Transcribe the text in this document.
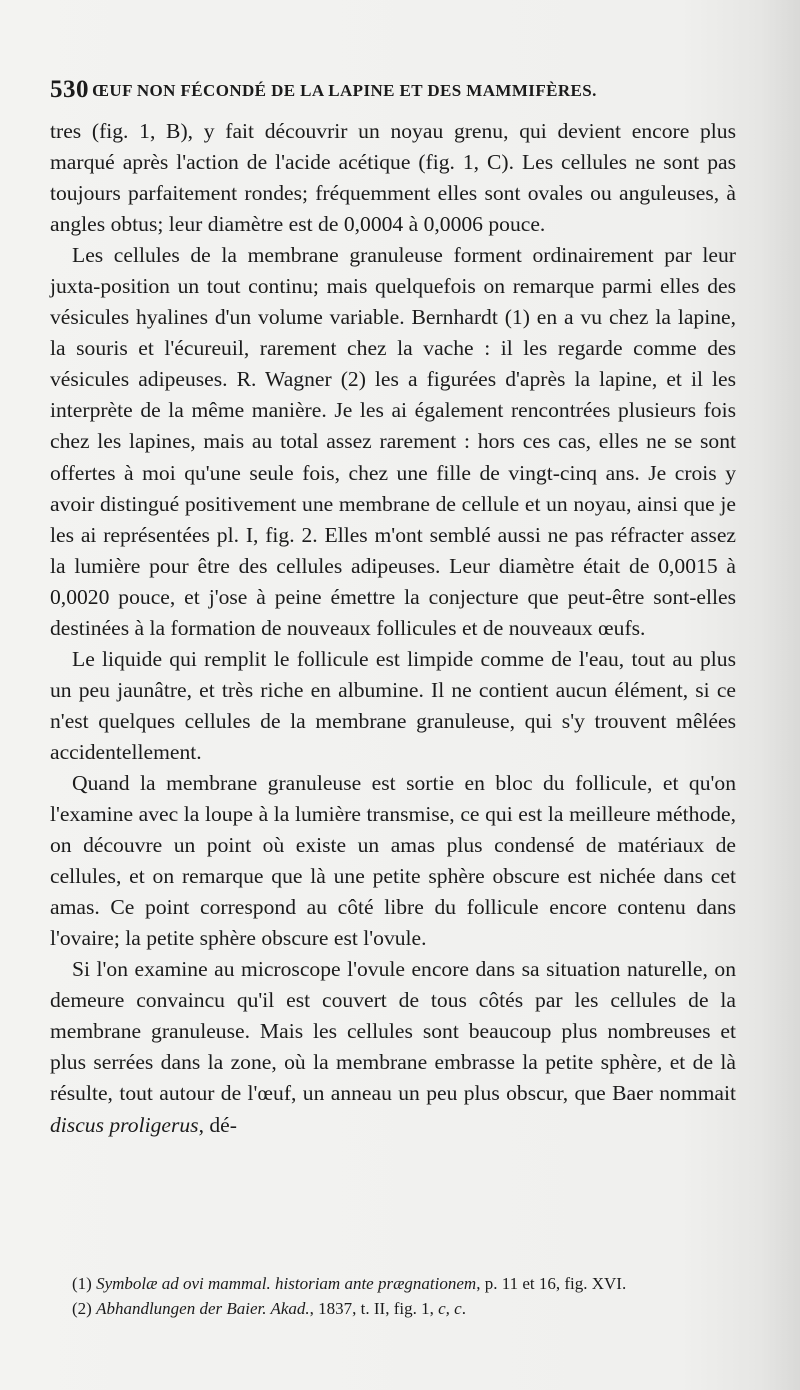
530 ŒUF NON FÉCONDÉ DE LA LAPINE ET DES MAMMIFÈRES.

tres (fig. 1, B), y fait découvrir un noyau grenu, qui devient encore plus marqué après l'action de l'acide acétique (fig. 1, C). Les cellules ne sont pas toujours parfaitement rondes; fréquemment elles sont ovales ou anguleuses, à angles obtus; leur diamètre est de 0,0004 à 0,0006 pouce.

Les cellules de la membrane granuleuse forment ordinairement par leur juxta-position un tout continu; mais quelquefois on remarque parmi elles des vésicules hyalines d'un volume variable. Bernhardt (1) en a vu chez la lapine, la souris et l'écureuil, rarement chez la vache : il les regarde comme des vésicules adipeuses. R. Wagner (2) les a figurées d'après la lapine, et il les interprète de la même manière. Je les ai également rencontrées plusieurs fois chez les lapines, mais au total assez rarement : hors ces cas, elles ne se sont offertes à moi qu'une seule fois, chez une fille de vingt-cinq ans. Je crois y avoir distingué positivement une membrane de cellule et un noyau, ainsi que je les ai représentées pl. I, fig. 2. Elles m'ont semblé aussi ne pas réfracter assez la lumière pour être des cellules adipeuses. Leur diamètre était de 0,0015 à 0,0020 pouce, et j'ose à peine émettre la conjecture que peut-être sont-elles destinées à la formation de nouveaux follicules et de nouveaux œufs.

Le liquide qui remplit le follicule est limpide comme de l'eau, tout au plus un peu jaunâtre, et très riche en albumine. Il ne contient aucun élément, si ce n'est quelques cellules de la membrane granuleuse, qui s'y trouvent mêlées accidentellement.

Quand la membrane granuleuse est sortie en bloc du follicule, et qu'on l'examine avec la loupe à la lumière transmise, ce qui est la meilleure méthode, on découvre un point où existe un amas plus condensé de matériaux de cellules, et on remarque que là une petite sphère obscure est nichée dans cet amas. Ce point correspond au côté libre du follicule encore contenu dans l'ovaire; la petite sphère obscure est l'ovule.

Si l'on examine au microscope l'ovule encore dans sa situation naturelle, on demeure convaincu qu'il est couvert de tous côtés par les cellules de la membrane granuleuse. Mais les cellules sont beaucoup plus nombreuses et plus serrées dans la zone, où la membrane embrasse la petite sphère, et de là résulte, tout autour de l'œuf, un anneau un peu plus obscur, que Baer nommait discus proligerus, dé-

(1) Symbolæ ad ovi mammal. historiam ante prægnationem, p. 11 et 16, fig. XVI.

(2) Abhandlungen der Baier. Akad., 1837, t. II, fig. 1, c, c.
